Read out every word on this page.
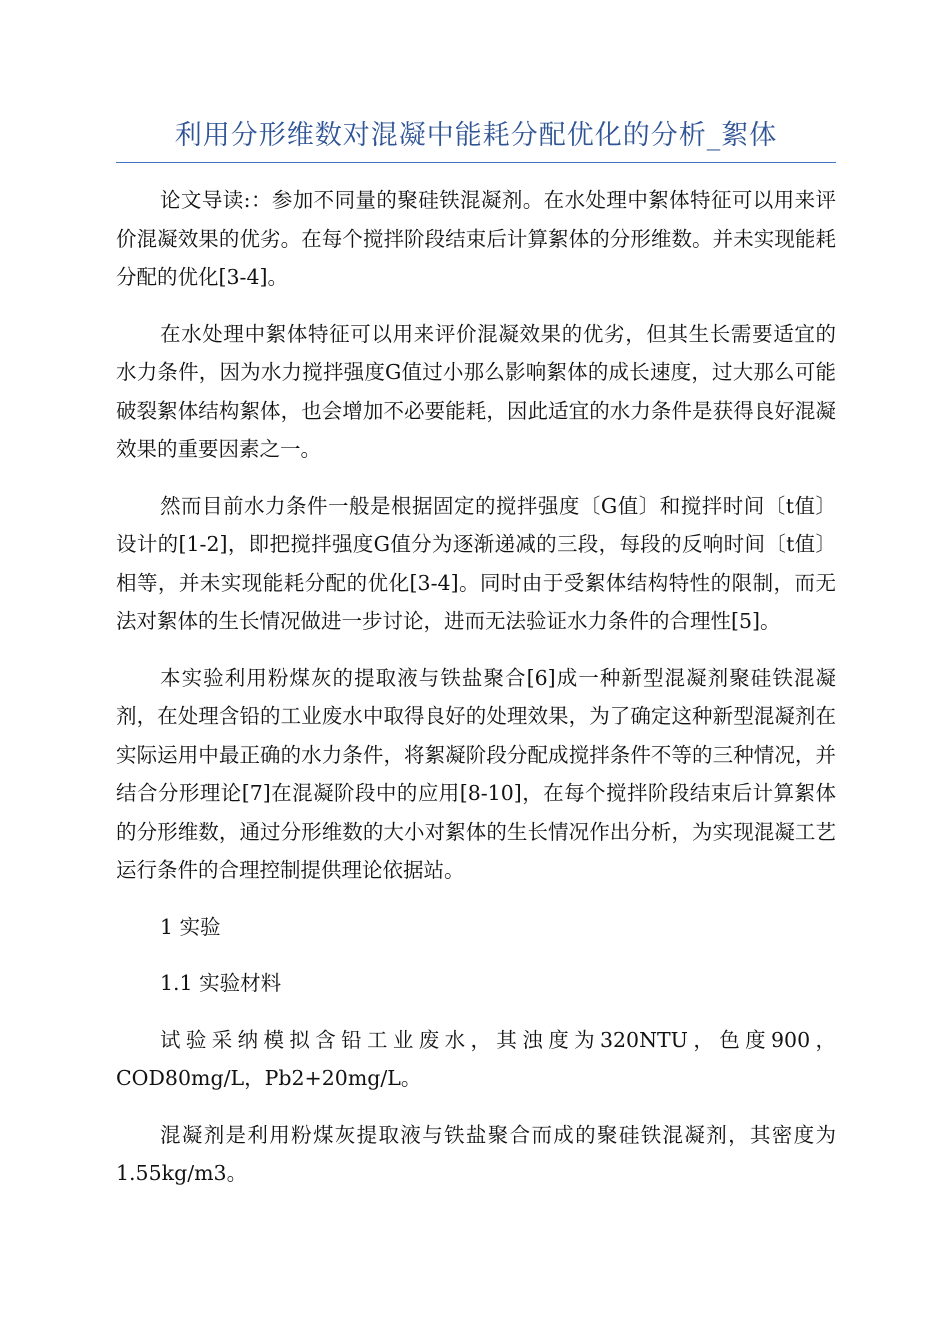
利用分形维数对混凝中能耗分配优化的分析_絮体

论文导读:：参加不同量的聚硅铁混凝剂。在水处理中絮体特征可以用来评价混凝效果的优劣。在每个搅拌阶段结束后计算絮体的分形维数。并未实现能耗分配的优化[3-4]。

在水处理中絮体特征可以用来评价混凝效果的优劣，但其生长需要适宜的水力条件，因为水力搅拌强度G值过小那么影响絮体的成长速度，过大那么可能破裂絮体结构絮体，也会增加不必要能耗，因此适宜的水力条件是获得良好混凝效果的重要因素之一。

然而目前水力条件一般是根据固定的搅拌强度〔G值〕和搅拌时间〔t值〕设计的[1-2]，即把搅拌强度G值分为逐渐递减的三段，每段的反响时间〔t值〕相等，并未实现能耗分配的优化[3-4]。同时由于受絮体结构特性的限制，而无法对絮体的生长情况做进一步讨论，进而无法验证水力条件的合理性[5]。

本实验利用粉煤灰的提取液与铁盐聚合[6]成一种新型混凝剂聚硅铁混凝剂，在处理含铅的工业废水中取得良好的处理效果，为了确定这种新型混凝剂在实际运用中最正确的水力条件，将絮凝阶段分配成搅拌条件不等的三种情况，并结合分形理论[7]在混凝阶段中的应用[8-10]，在每个搅拌阶段结束后计算絮体的分形维数，通过分形维数的大小对絮体的生长情况作出分析，为实现混凝工艺运行条件的合理控制提供理论依据站。

1 实验

1.1 实验材料

试验采纳模拟含铅工业废水，其浊度为320NTU，色度900，COD80mg/L，Pb2+20mg/L。

混凝剂是利用粉煤灰提取液与铁盐聚合而成的聚硅铁混凝剂，其密度为1.55kg/m3。
